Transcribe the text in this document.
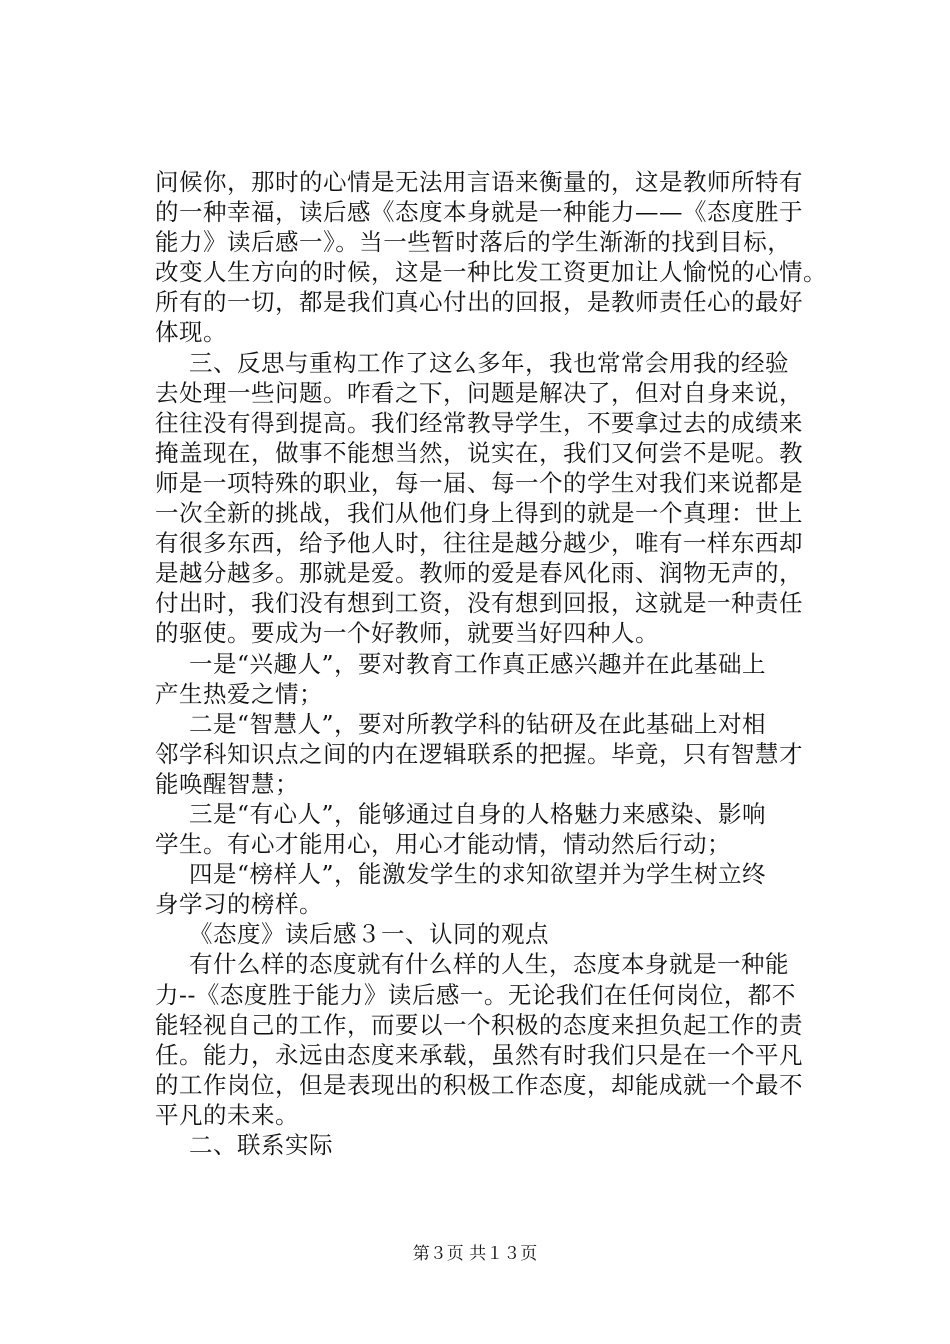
问候你，那时的心情是无法用言语来衡量的，这是教师所特有
的一种幸福，读后感《态度本身就是一种能力——《态度胜于
能力》读后感一》。当一些暂时落后的学生渐渐的找到目标，
改变人生方向的时候，这是一种比发工资更加让人愉悦的心情。
所有的一切，都是我们真心付出的回报，是教师责任心的最好
体现。
三、反思与重构工作了这么多年，我也常常会用我的经验
去处理一些问题。咋看之下，问题是解决了，但对自身来说，
往往没有得到提高。我们经常教导学生，不要拿过去的成绩来
掩盖现在，做事不能想当然，说实在，我们又何尝不是呢。教
师是一项特殊的职业，每一届、每一个的学生对我们来说都是
一次全新的挑战，我们从他们身上得到的就是一个真理：世上
有很多东西，给予他人时，往往是越分越少，唯有一样东西却
是越分越多。那就是爱。教师的爱是春风化雨、润物无声的，
付出时，我们没有想到工资，没有想到回报，这就是一种责任
的驱使。要成为一个好教师，就要当好四种人。
一是“兴趣人”，要对教育工作真正感兴趣并在此基础上
产生热爱之情；
二是“智慧人”，要对所教学科的钻研及在此基础上对相
邻学科知识点之间的内在逻辑联系的把握。毕竟，只有智慧才
能唤醒智慧；
三是“有心人”，能够通过自身的人格魅力来感染、影响
学生。有心才能用心，用心才能动情，情动然后行动；
四是“榜样人”，能激发学生的求知欲望并为学生树立终
身学习的榜样。
《态度》读后感３一、认同的观点
有什么样的态度就有什么样的人生，态度本身就是一种能
力--《态度胜于能力》读后感一。无论我们在任何岗位，都不
能轻视自己的工作，而要以一个积极的态度来担负起工作的责
任。能力，永远由态度来承载，虽然有时我们只是在一个平凡
的工作岗位，但是表现出的积极工作态度，却能成就一个最不
平凡的未来。
二、联系实际
第３页 共１３页
